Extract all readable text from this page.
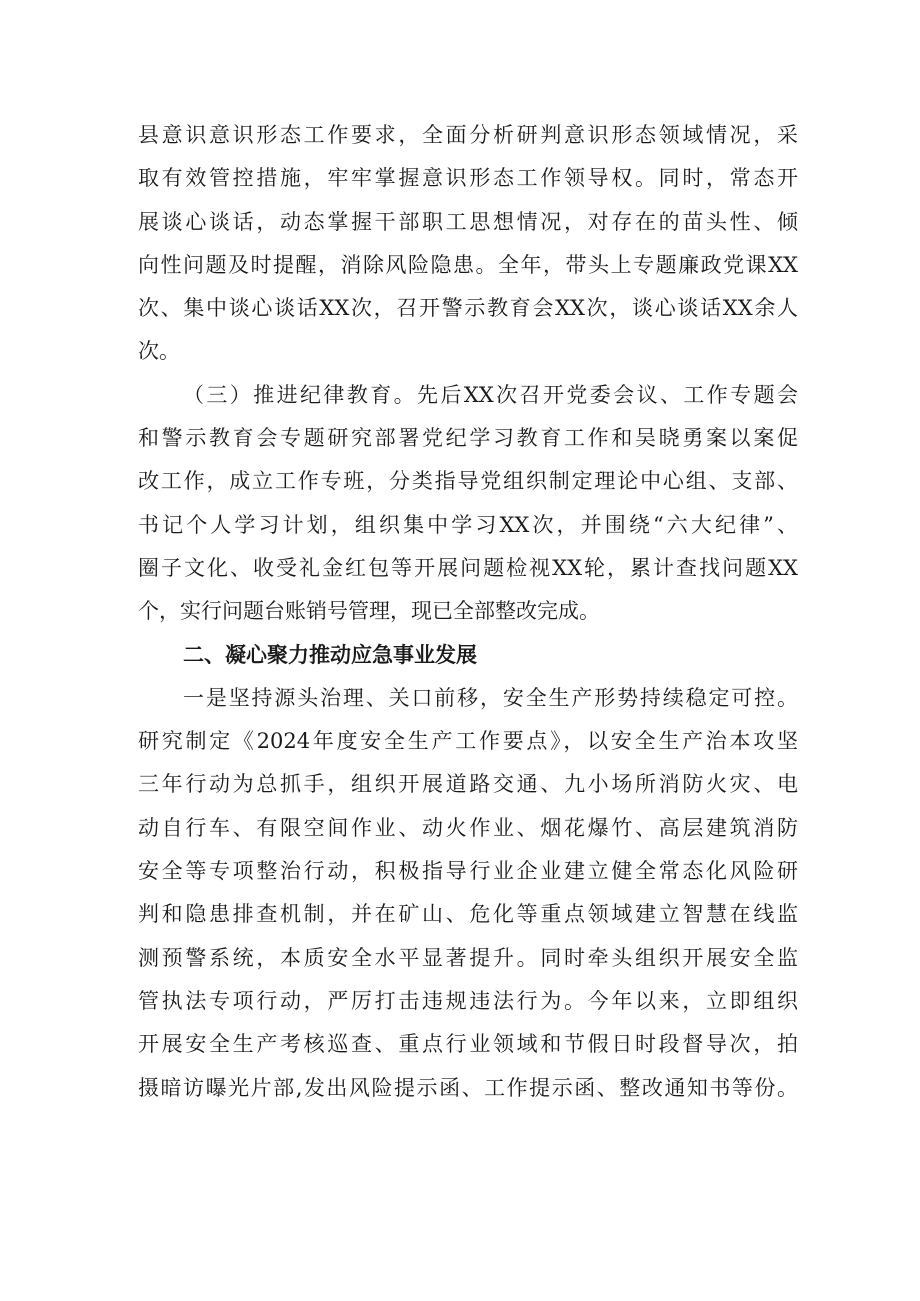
县意识意识形态工作要求，全面分析研判意识形态领域情况，采
取有效管控措施，牢牢掌握意识形态工作领导权。同时，常态开
展谈心谈话，动态掌握干部职工思想情况，对存在的苗头性、倾
向性问题及时提醒，消除风险隐患。全年，带头上专题廉政党课XX
次、集中谈心谈话XX次，召开警示教育会XX次，谈心谈话XX余人
次。
（三）推进纪律教育。先后XX次召开党委会议、工作专题会
和警示教育会专题研究部署党纪学习教育工作和吴晓勇案以案促
改工作，成立工作专班，分类指导党组织制定理论中心组、支部、
书记个人学习计划，组织集中学习XX次，并围绕“六大纪律”、
圈子文化、收受礼金红包等开展问题检视XX轮，累计查找问题XX
个，实行问题台账销号管理，现已全部整改完成。
二、凝心聚力推动应急事业发展
一是坚持源头治理、关口前移，安全生产形势持续稳定可控。
研究制定《2024年度安全生产工作要点》，以安全生产治本攻坚
三年行动为总抓手，组织开展道路交通、九小场所消防火灾、电
动自行车、有限空间作业、动火作业、烟花爆竹、高层建筑消防
安全等专项整治行动，积极指导行业企业建立健全常态化风险研
判和隐患排查机制，并在矿山、危化等重点领域建立智慧在线监
测预警系统，本质安全水平显著提升。同时牵头组织开展安全监
管执法专项行动，严厉打击违规违法行为。今年以来，立即组织
开展安全生产考核巡查、重点行业领域和节假日时段督导次，拍
摄暗访曝光片部,发出风险提示函、工作提示函、整改通知书等份。
